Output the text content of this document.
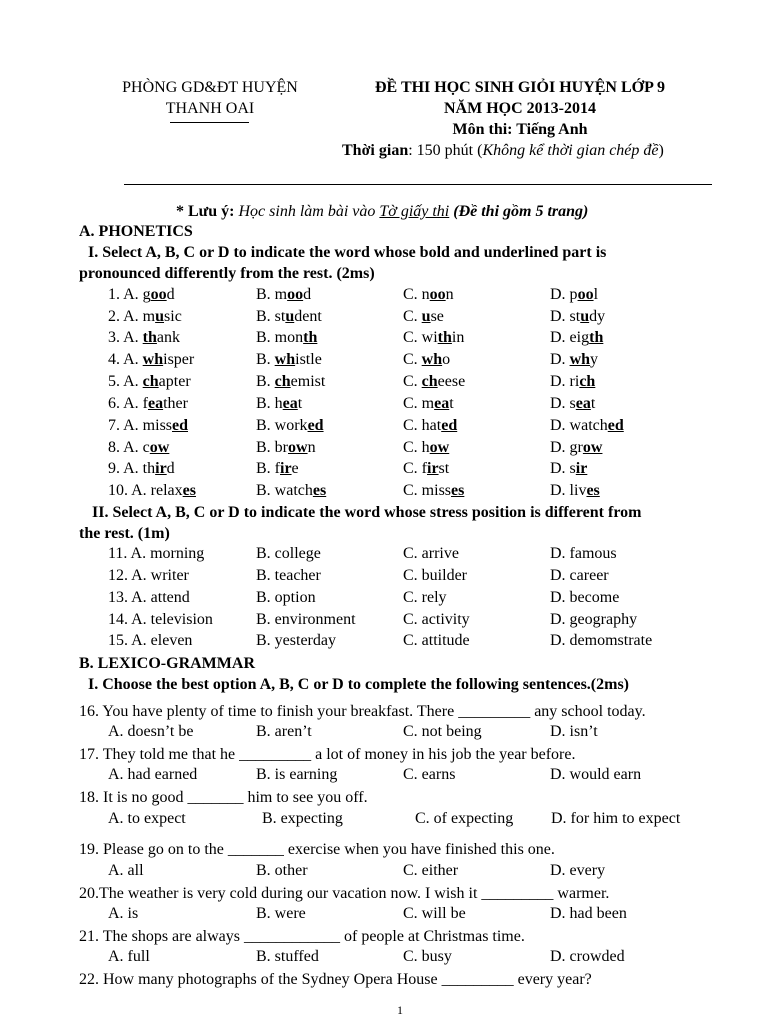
PHÒNG GD&ĐT HUYỆN
THANH OAI
ĐỀ THI HỌC SINH GIỎI HUYỆN LỚP 9
NĂM HỌC 2013-2014
Môn thi: Tiếng Anh
Thời gian: 150 phút (Không kể thời gian chép đề)
* Lưu ý: Học sinh làm bài vào Tờ giấy thi (Đề thi gồm 5 trang)
A. PHONETICS
I. Select A, B, C or D to indicate the word whose bold and underlined part is
pronounced differently from the rest. (2ms)
1. A. good	B. mood	C. noon	D. pool
2. A. music	B. student	C. use	D. study
3. A. thank	B. month	C. within	D. eigth
4. A. whisper	B. whistle	C. who	D. why
5. A. chapter	B. chemist	C. cheese	D. rich
6. A. feather	B. heat	C. meat	D. seat
7. A. missed	B. worked	C. hated	D. watched
8. A. cow	B. brown	C. how	D. grow
9. A. third	B. fire	C. first	D. sir
10. A. relaxes	B. watches	C. misses	D. lives
II. Select A, B, C or D to indicate the word whose stress position is different from
the rest. (1m)
11. A. morning	B. college	C. arrive	D. famous
12. A. writer	B. teacher	C. builder	D. career
13. A. attend	B. option	C. rely	D. become
14. A. television	B. environment	C. activity	D. geography
15. A. eleven	B. yesterday	C. attitude	D. demomstrate
B. LEXICO-GRAMMAR
I. Choose the best option A, B, C or D to complete the following sentences.(2ms)
16. You have plenty of time to finish your breakfast. There _________ any school today.
A. doesn’t be	B. aren’t	C. not being	D. isn’t
17. They told me that he _________ a lot of money in his job the year before.
A. had earned	B. is earning	C. earns	D. would earn
18. It is no good _______ him to see you off.
A. to expect	B. expecting	C. of expecting D. for him to expect
19. Please go on to the _______ exercise when you have finished this one.
A. all	B. other	C. either	D. every
20.The weather is very cold during our vacation now. I wish it _________ warmer.
A. is	B. were	C. will be	D. had been
21. The shops are always ____________ of people at Christmas time.
A. full	B. stuffed	C. busy	D. crowded
22. How many photographs of the Sydney Opera House _________ every year?
1
